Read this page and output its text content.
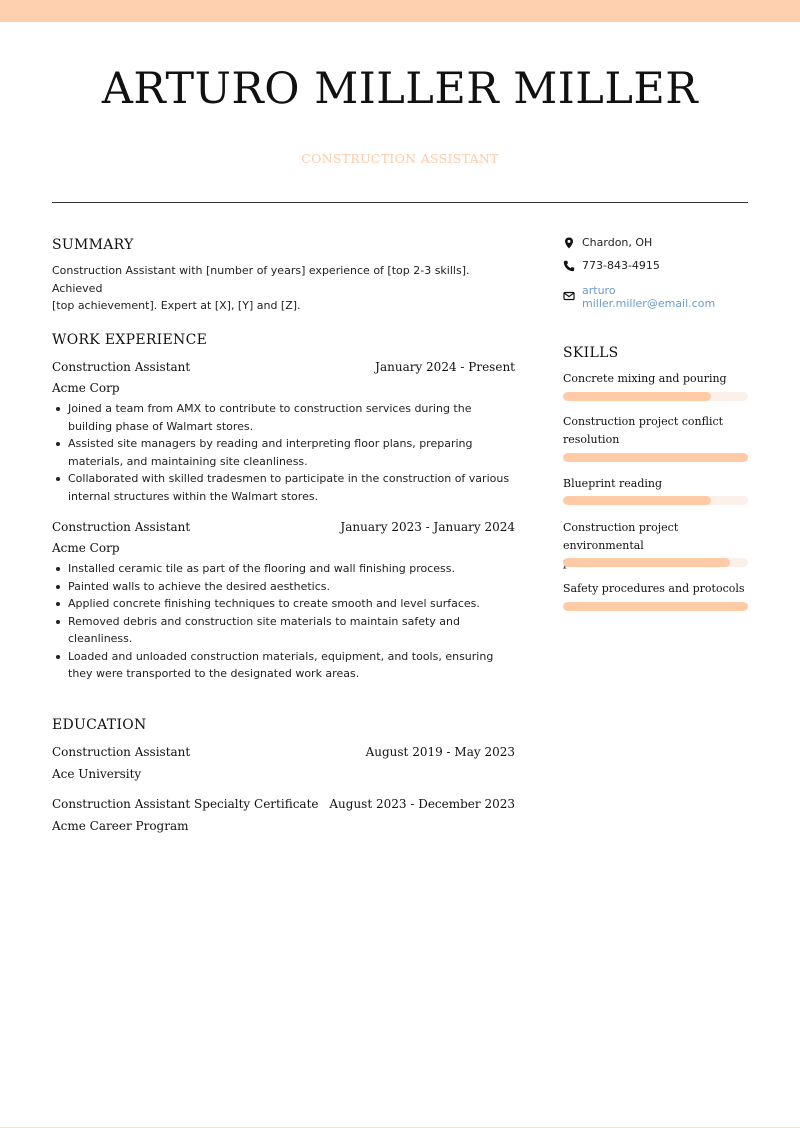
ARTURO MILLER MILLER
CONSTRUCTION ASSISTANT
SUMMARY
Construction Assistant with [number of years] experience of [top 2-3 skills]. Achieved
[top achievement]. Expert at [X], [Y] and [Z].
WORK EXPERIENCE
Construction Assistant	January 2024 - Present
Acme Corp
Joined a team from AMX to contribute to construction services during the
building phase of Walmart stores.
Assisted site managers by reading and interpreting floor plans, preparing
materials, and maintaining site cleanliness.
Collaborated with skilled tradesmen to participate in the construction of various
internal structures within the Walmart stores.
Construction Assistant	January 2023 - January 2024
Acme Corp
Installed ceramic tile as part of the flooring and wall finishing process.
Painted walls to achieve the desired aesthetics.
Applied concrete finishing techniques to create smooth and level surfaces.
Removed debris and construction site materials to maintain safety and
cleanliness.
Loaded and unloaded construction materials, equipment, and tools, ensuring
they were transported to the designated work areas.
EDUCATION
Construction Assistant	August 2019 - May 2023
Ace University
Construction Assistant Specialty Certificate August 2023 - December 2023
Acme Career Program
Chardon, OH
773-843-4915
arturo
miller.miller@email.com
SKILLS
Concrete mixing and pouring
Construction project conflict
resolution
Blueprint reading
Construction project environmental
Safety procedures and protocols
